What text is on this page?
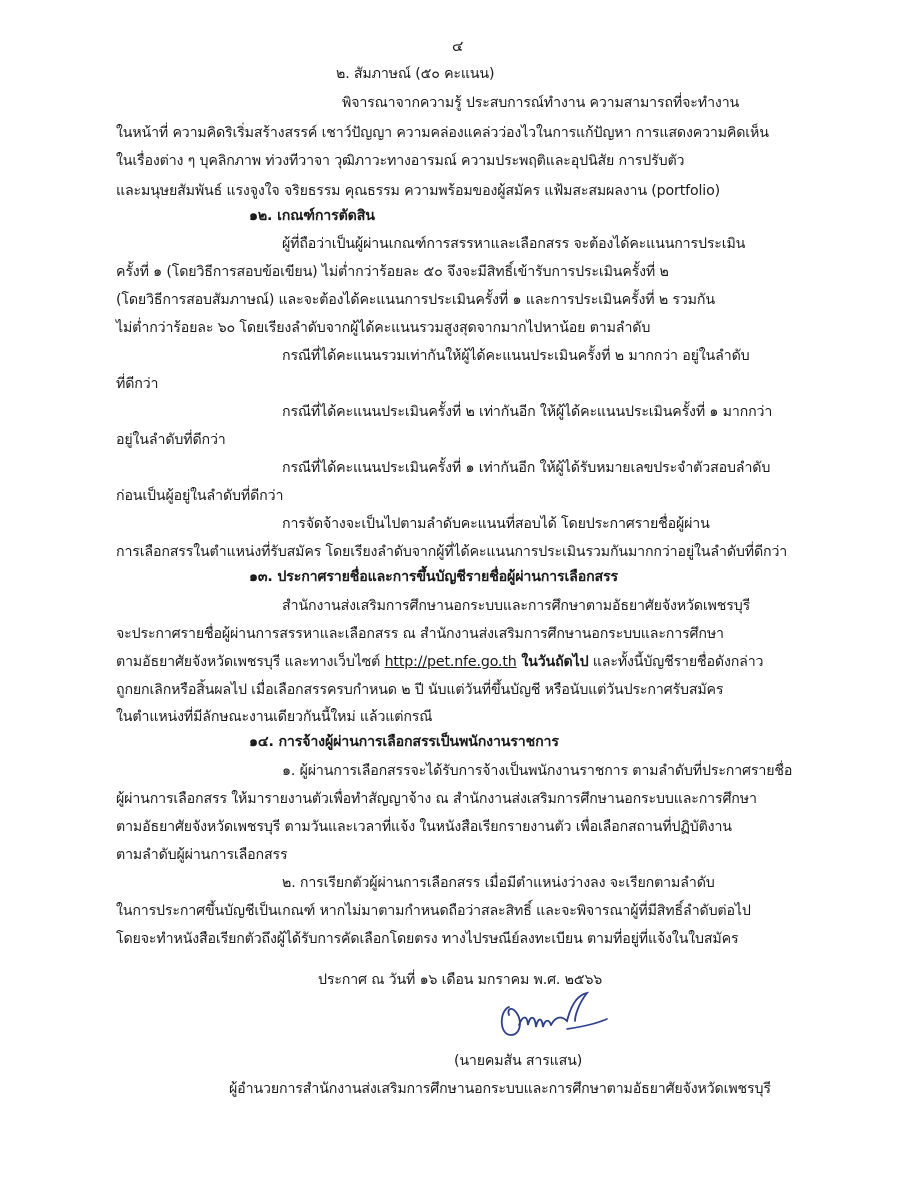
๔
๒. สัมภาษณ์ (๕๐ คะแนน)
พิจารณาจากความรู้ ประสบการณ์ทำงาน ความสามารถที่จะทำงาน
ในหน้าที่ ความคิดริเริ่มสร้างสรรค์ เชาว์ปัญญา ความคล่องแคล่วว่องไวในการแก้ปัญหา การแสดงความคิดเห็น
ในเรื่องต่าง ๆ บุคลิกภาพ ท่วงทีวาจา วุฒิภาวะทางอารมณ์ ความประพฤติและอุปนิสัย การปรับตัว
และมนุษยสัมพันธ์ แรงจูงใจ จริยธรรม คุณธรรม ความพร้อมของผู้สมัคร แฟ้มสะสมผลงาน (portfolio)
๑๒. เกณฑ์การตัดสิน
ผู้ที่ถือว่าเป็นผู้ผ่านเกณฑ์การสรรหาและเลือกสรร จะต้องได้คะแนนการประเมิน
ครั้งที่ ๑ (โดยวิธีการสอบข้อเขียน) ไม่ต่ำกว่าร้อยละ ๕๐ จึงจะมีสิทธิ์เข้ารับการประเมินครั้งที่ ๒
(โดยวิธีการสอบสัมภาษณ์) และจะต้องได้คะแนนการประเมินครั้งที่ ๑ และการประเมินครั้งที่ ๒ รวมกัน
ไม่ต่ำกว่าร้อยละ ๖๐ โดยเรียงลำดับจากผู้ได้คะแนนรวมสูงสุดจากมากไปหาน้อย ตามลำดับ
กรณีที่ได้คะแนนรวมเท่ากันให้ผู้ได้คะแนนประเมินครั้งที่ ๒ มากกว่า อยู่ในลำดับ
ที่ดีกว่า
กรณีที่ได้คะแนนประเมินครั้งที่ ๒ เท่ากันอีก ให้ผู้ได้คะแนนประเมินครั้งที่ ๑ มากกว่า
อยู่ในลำดับที่ดีกว่า
กรณีที่ได้คะแนนประเมินครั้งที่ ๑ เท่ากันอีก ให้ผู้ได้รับหมายเลขประจำตัวสอบลำดับ
ก่อนเป็นผู้อยู่ในลำดับที่ดีกว่า
การจัดจ้างจะเป็นไปตามลำดับคะแนนที่สอบได้ โดยประกาศรายชื่อผู้ผ่าน
การเลือกสรรในตำแหน่งที่รับสมัคร โดยเรียงลำดับจากผู้ที่ได้คะแนนการประเมินรวมกันมากกว่าอยู่ในลำดับที่ดีกว่า
๑๓. ประกาศรายชื่อและการขึ้นบัญชีรายชื่อผู้ผ่านการเลือกสรร
สำนักงานส่งเสริมการศึกษานอกระบบและการศึกษาตามอัธยาศัยจังหวัดเพชรบุรี
จะประกาศรายชื่อผู้ผ่านการสรรหาและเลือกสรร ณ สำนักงานส่งเสริมการศึกษานอกระบบและการศึกษา
ตามอัธยาศัยจังหวัดเพชรบุรี และทางเว็บไซต์ http://pet.nfe.go.th ในวันถัดไป และทั้งนี้บัญชีรายชื่อดังกล่าว
ถูกยกเลิกหรือสิ้นผลไป เมื่อเลือกสรรครบกำหนด ๒ ปี นับแต่วันที่ขึ้นบัญชี หรือนับแต่วันประกาศรับสมัคร
ในตำแหน่งที่มีลักษณะงานเดียวกันนี้ใหม่ แล้วแต่กรณี
๑๔. การจ้างผู้ผ่านการเลือกสรรเป็นพนักงานราชการ
๑. ผู้ผ่านการเลือกสรรจะได้รับการจ้างเป็นพนักงานราชการ ตามลำดับที่ประกาศรายชื่อ
ผู้ผ่านการเลือกสรร ให้มารายงานตัวเพื่อทำสัญญาจ้าง ณ สำนักงานส่งเสริมการศึกษานอกระบบและการศึกษา
ตามอัธยาศัยจังหวัดเพชรบุรี ตามวันและเวลาที่แจ้ง ในหนังสือเรียกรายงานตัว เพื่อเลือกสถานที่ปฏิบัติงาน
ตามลำดับผู้ผ่านการเลือกสรร
๒. การเรียกตัวผู้ผ่านการเลือกสรร เมื่อมีตำแหน่งว่างลง จะเรียกตามลำดับ
ในการประกาศขึ้นบัญชีเป็นเกณฑ์ หากไม่มาตามกำหนดถือว่าสละสิทธิ์ และจะพิจารณาผู้ที่มีสิทธิ์ลำดับต่อไป
โดยจะทำหนังสือเรียกตัวถึงผู้ได้รับการคัดเลือกโดยตรง ทางไปรษณีย์ลงทะเบียน ตามที่อยู่ที่แจ้งในใบสมัคร
ประกาศ ณ วันที่ ๑๖ เดือน มกราคม พ.ศ. ๒๕๖๖
(นายคมสัน สารแสน)
ผู้อำนวยการสำนักงานส่งเสริมการศึกษานอกระบบและการศึกษาตามอัธยาศัยจังหวัดเพชรบุรี
